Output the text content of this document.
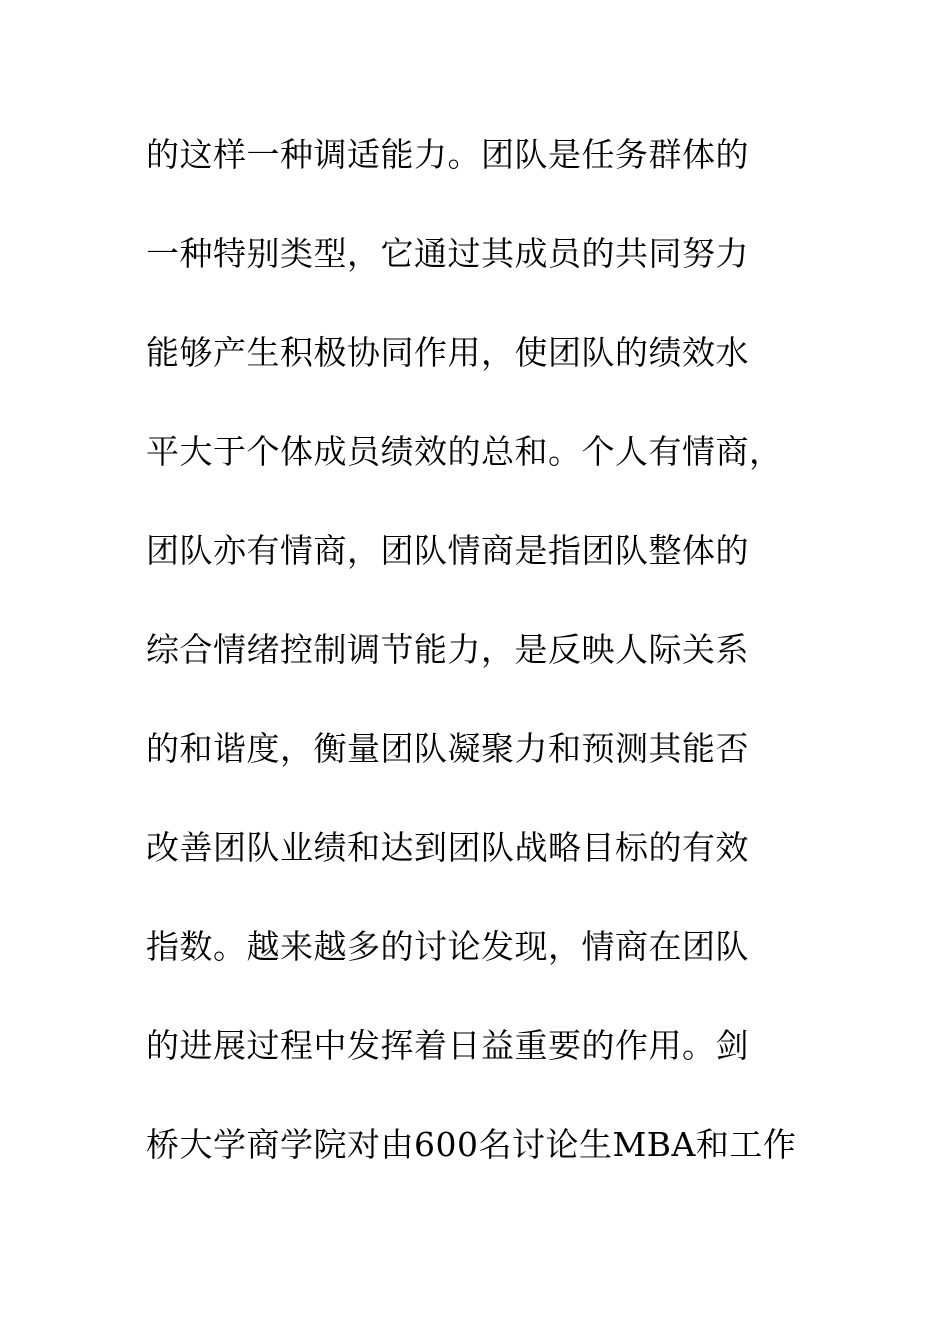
的这样一种调适能力。团队是任务群体的
一种特别类型，它通过其成员的共同努力
能够产生积极协同作用，使团队的绩效水
平大于个体成员绩效的总和。个人有情商，
团队亦有情商，团队情商是指团队整体的
综合情绪控制调节能力，是反映人际关系
的和谐度，衡量团队凝聚力和预测其能否
改善团队业绩和达到团队战略目标的有效
指数。越来越多的讨论发现，情商在团队
的进展过程中发挥着日益重要的作用。剑
桥大学商学院对由600名讨论生MBA和工作
